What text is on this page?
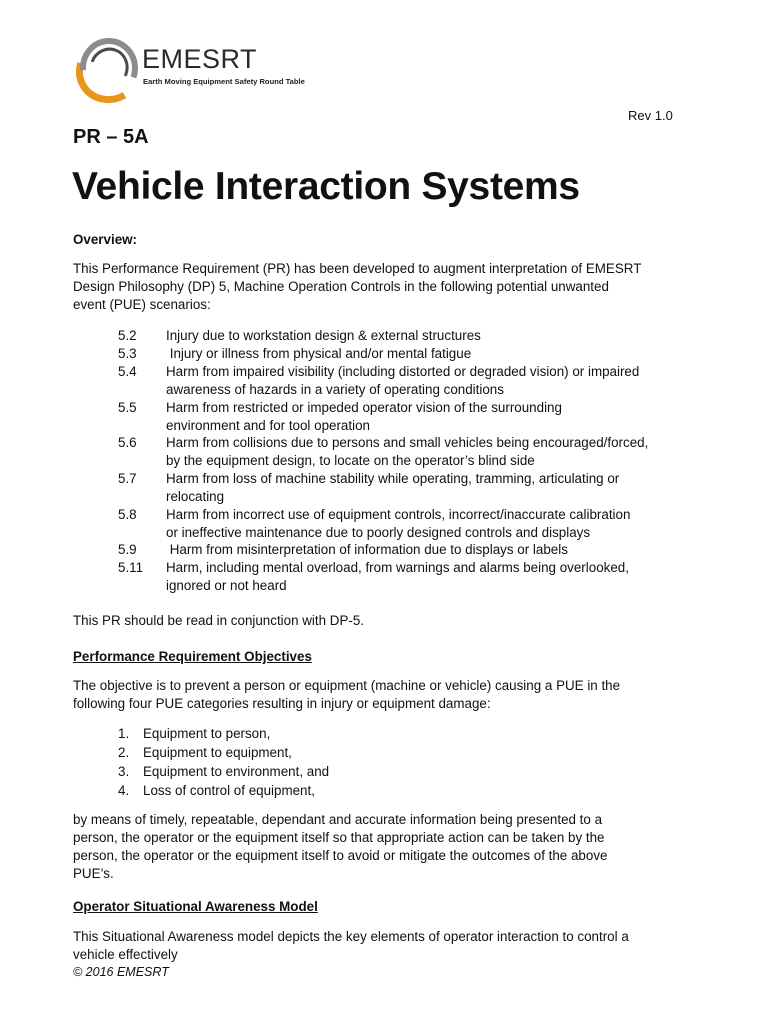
EMESRT
Earth Moving Equipment Safety Round Table
Rev 1.0
PR – 5A
Vehicle Interaction Systems
Overview:
This Performance Requirement (PR) has been developed to augment interpretation of EMESRT
Design Philosophy (DP) 5, Machine Operation Controls in the following potential unwanted
event (PUE) scenarios:
5.2 Injury due to workstation design & external structures
5.3 Injury or illness from physical and/or mental fatigue
5.4 Harm from impaired visibility (including distorted or degraded vision) or impaired
awareness of hazards in a variety of operating conditions
5.5 Harm from restricted or impeded operator vision of the surrounding
environment and for tool operation
5.6 Harm from collisions due to persons and small vehicles being encouraged/forced,
by the equipment design, to locate on the operator’s blind side
5.7 Harm from loss of machine stability while operating, tramming, articulating or
relocating
5.8 Harm from incorrect use of equipment controls, incorrect/inaccurate calibration
or ineffective maintenance due to poorly designed controls and displays
5.9 Harm from misinterpretation of information due to displays or labels
5.11 Harm, including mental overload, from warnings and alarms being overlooked,
ignored or not heard
This PR should be read in conjunction with DP-5.
Performance Requirement Objectives
The objective is to prevent a person or equipment (machine or vehicle) causing a PUE in the
following four PUE categories resulting in injury or equipment damage:
1. Equipment to person,
2. Equipment to equipment,
3. Equipment to environment, and
4. Loss of control of equipment,
by means of timely, repeatable, dependant and accurate information being presented to a
person, the operator or the equipment itself so that appropriate action can be taken by the
person, the operator or the equipment itself to avoid or mitigate the outcomes of the above
PUE’s.
Operator Situational Awareness Model
This Situational Awareness model depicts the key elements of operator interaction to control a
vehicle effectively
© 2016 EMESRT
